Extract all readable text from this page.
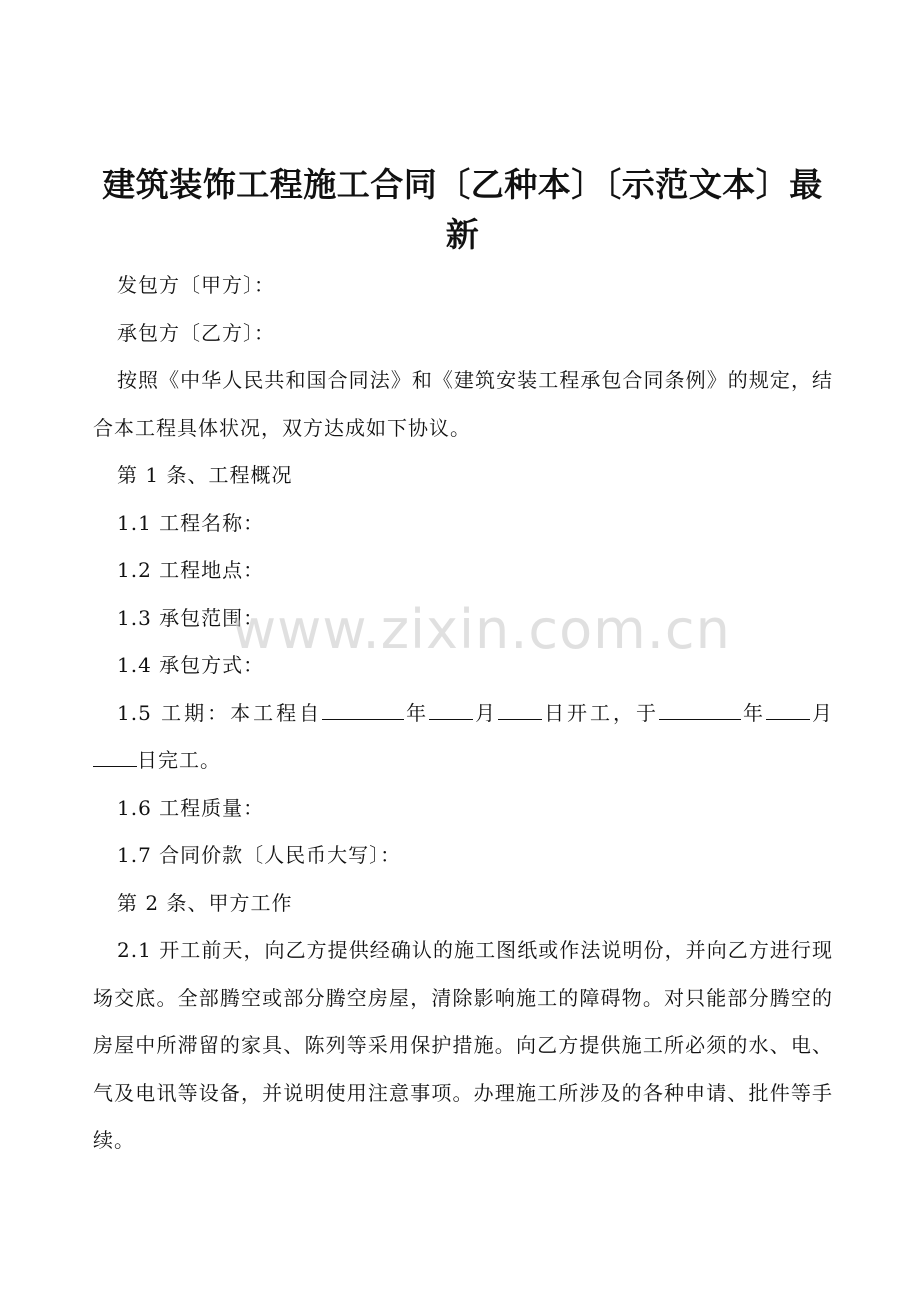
建筑装饰工程施工合同〔乙种本〕〔示范文本〕最新

发包方〔甲方〕：

承包方〔乙方〕：

按照《中华人民共和国合同法》和《建筑安装工程承包合同条例》的规定，结合本工程具体状况，双方达成如下协议。

第 1 条、工程概况

1.1 工程名称：

1.2 工程地点：

1.3 承包范围：

1.4 承包方式：

1.5 工期：本工程自	年 月 日开工，于	年 月日完工。

1.6 工程质量：

1.7 合同价款〔人民币大写〕：

第 2 条、甲方工作

2.1 开工前天，向乙方提供经确认的施工图纸或作法说明份，并向乙方进行现场交底。全部腾空或部分腾空房屋，清除影响施工的障碍物。对只能部分腾空的房屋中所滞留的家具、陈列等采用保护措施。向乙方提供施工所必须的水、电、气及电讯等设备，并说明使用注意事项。办理施工所涉及的各种申请、批件等手续。

www.zixin.com.cn
